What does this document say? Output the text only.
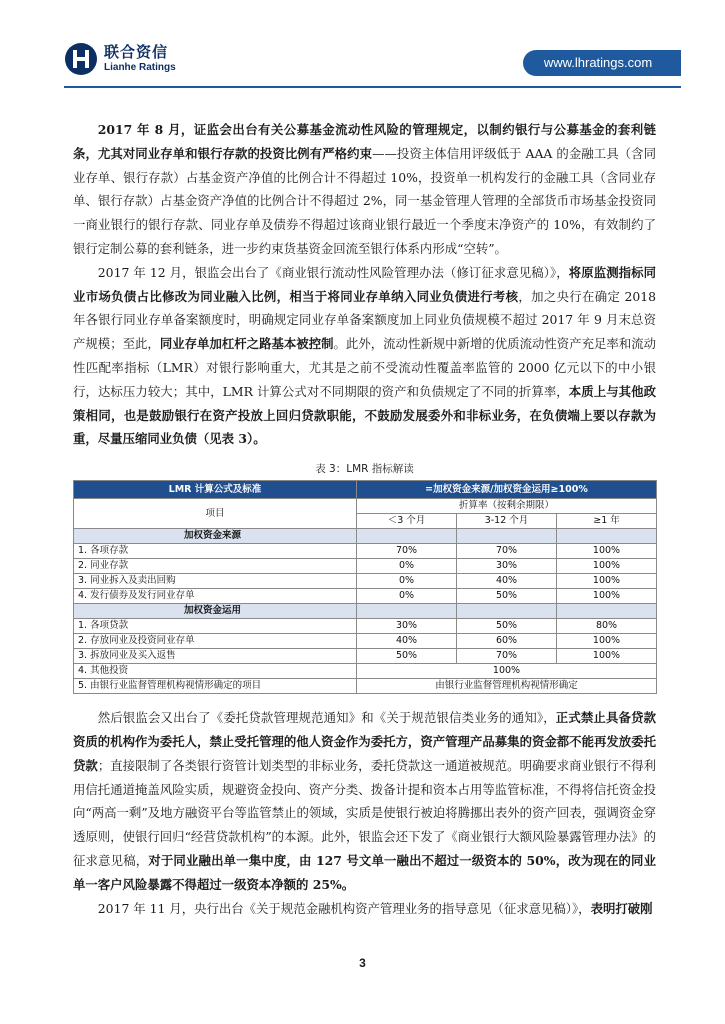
联合资信
Lianhe Ratings	www.lhratings.com

2017 年 8 月，证监会出台有关公募基金流动性风险的管理规定，以制约银行与公募基金的套利链条，尤其对同业存单和银行存款的投资比例有严格约束——投资主体信用评级低于 AAA 的金融工具（含同业存单、银行存款）占基金资产净值的比例合计不得超过 10%，投资单一机构发行的金融工具（含同业存单、银行存款）占基金资产净值的比例合计不得超过 2%，同一基金管理人管理的全部货币市场基金投资同一商业银行的银行存款、同业存单及债券不得超过该商业银行最近一个季度末净资产的 10%，有效制约了银行定制公募的套利链条，进一步约束货基资金回流至银行体系内形成“空转”。

2017 年 12 月，银监会出台了《商业银行流动性风险管理办法（修订征求意见稿）》，将原监测指标同业市场负债占比修改为同业融入比例，相当于将同业存单纳入同业负债进行考核，加之央行在确定 2018 年各银行同业存单备案额度时，明确规定同业存单备案额度加上同业负债规模不超过 2017 年 9 月末总资产规模；至此，同业存单加杠杆之路基本被控制。此外，流动性新规中新增的优质流动性资产充足率和流动性匹配率指标（LMR）对银行影响重大，尤其是之前不受流动性覆盖率监管的 2000 亿元以下的中小银行，达标压力较大；其中，LMR 计算公式对不同期限的资产和负债规定了不同的折算率，本质上与其他政策相同，也是鼓励银行在资产投放上回归贷款职能，不鼓励发展委外和非标业务，在负债端上要以存款为重，尽量压缩同业负债（见表 3）。

表 3：LMR 指标解读
LMR 计算公式及标准	=加权资金来源/加权资金运用≥100%		
项目	折算率（按剩余期限）		
	＜3 个月	3-12 个月	≥1 年
加权资金来源			
1. 各项存款	70%	70%	100%
2. 同业存款	0%	30%	100%
3. 同业拆入及卖出回购	0%	40%	100%
4. 发行债券及发行同业存单	0%	50%	100%
加权资金运用			
1. 各项贷款	30%	50%	80%
2. 存放同业及投资同业存单	40%	60%	100%
3. 拆放同业及买入返售	50%	70%	100%
4. 其他投资	100%		
5. 由银行业监督管理机构视情形确定的项目	由银行业监督管理机构视情形确定		

然后银监会又出台了《委托贷款管理规范通知》和《关于规范银信类业务的通知》，正式禁止具备贷款资质的机构作为委托人，禁止受托管理的他人资金作为委托方，资产管理产品募集的资金都不能再发放委托贷款；直接限制了各类银行资管计划类型的非标业务，委托贷款这一通道被规范。明确要求商业银行不得利用信托通道掩盖风险实质，规避资金投向、资产分类、拨备计提和资本占用等监管标准，不得将信托资金投向“两高一剩”及地方融资平台等监管禁止的领域，实质是使银行被迫将腾挪出表外的资产回表，强调资金穿透原则，使银行回归“经营贷款机构”的本源。此外，银监会还下发了《商业银行大额风险暴露管理办法》的征求意见稿，对于同业融出单一集中度，由 127 号文单一融出不超过一级资本的 50%，改为现在的同业单一客户风险暴露不得超过一级资本净额的 25%。

2017 年 11 月，央行出台《关于规范金融机构资产管理业务的指导意见（征求意见稿）》，表明打破刚

3
